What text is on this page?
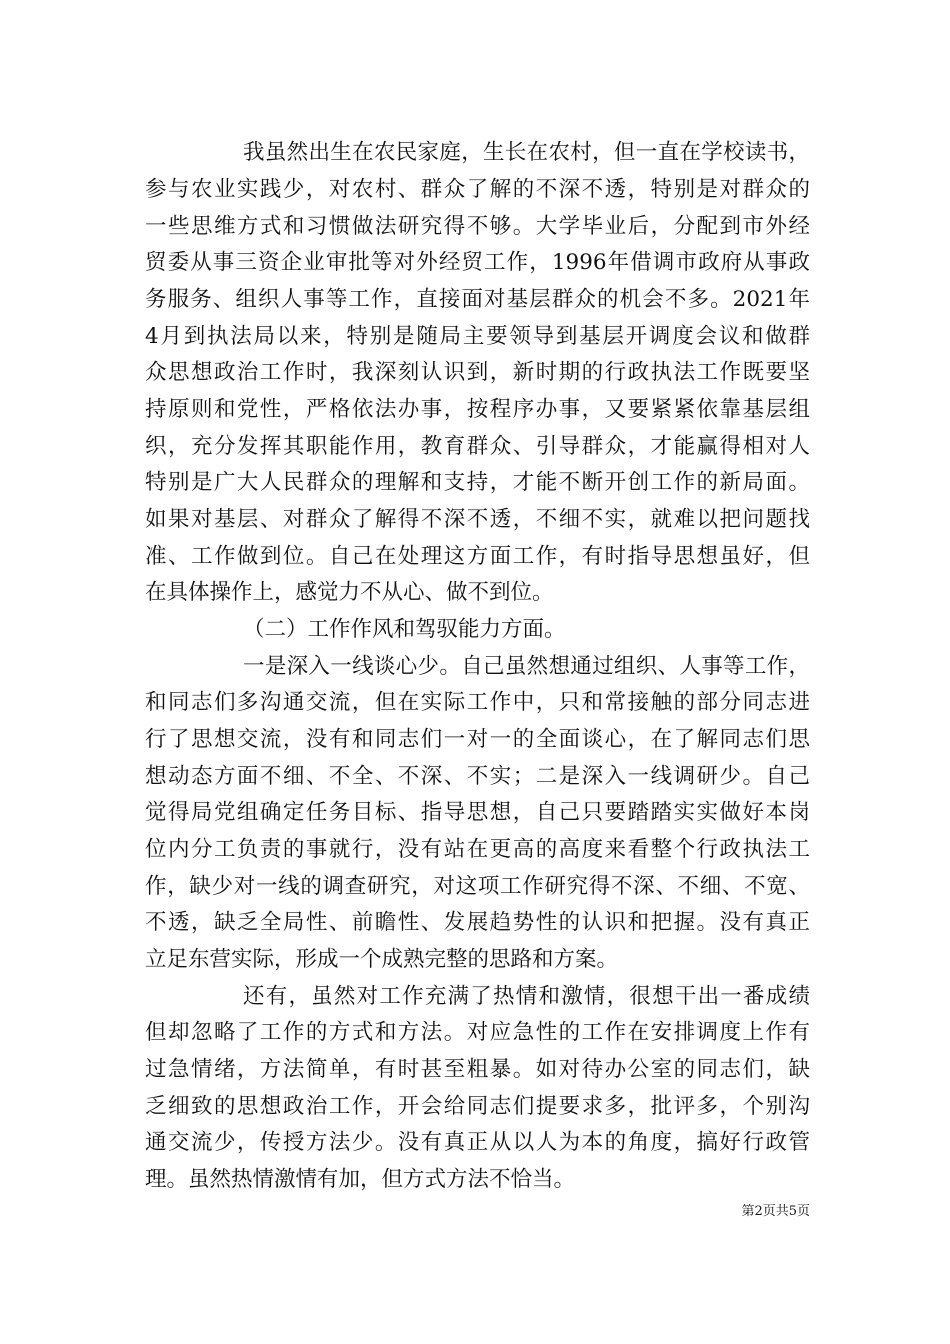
我虽然出生在农民家庭，生长在农村，但一直在学校读书，
参与农业实践少，对农村、群众了解的不深不透，特别是对群众的
一些思维方式和习惯做法研究得不够。大学毕业后，分配到市外经
贸委从事三资企业审批等对外经贸工作，1996年借调市政府从事政
务服务、组织人事等工作，直接面对基层群众的机会不多。2021年
4月到执法局以来，特别是随局主要领导到基层开调度会议和做群
众思想政治工作时，我深刻认识到，新时期的行政执法工作既要坚
持原则和党性，严格依法办事，按程序办事，又要紧紧依靠基层组
织，充分发挥其职能作用，教育群众、引导群众，才能赢得相对人
特别是广大人民群众的理解和支持，才能不断开创工作的新局面。
如果对基层、对群众了解得不深不透，不细不实，就难以把问题找
准、工作做到位。自己在处理这方面工作，有时指导思想虽好，但
在具体操作上，感觉力不从心、做不到位。
（二）工作作风和驾驭能力方面。
一是深入一线谈心少。自己虽然想通过组织、人事等工作，
和同志们多沟通交流，但在实际工作中，只和常接触的部分同志进
行了思想交流，没有和同志们一对一的全面谈心，在了解同志们思
想动态方面不细、不全、不深、不实；二是深入一线调研少。自己
觉得局党组确定任务目标、指导思想，自己只要踏踏实实做好本岗
位内分工负责的事就行，没有站在更高的高度来看整个行政执法工
作，缺少对一线的调查研究，对这项工作研究得不深、不细、不宽、
不透，缺乏全局性、前瞻性、发展趋势性的认识和把握。没有真正
立足东营实际，形成一个成熟完整的思路和方案。
还有，虽然对工作充满了热情和激情，很想干出一番成绩
但却忽略了工作的方式和方法。对应急性的工作在安排调度上作有
过急情绪，方法简单，有时甚至粗暴。如对待办公室的同志们，缺
乏细致的思想政治工作，开会给同志们提要求多，批评多，个别沟
通交流少，传授方法少。没有真正从以人为本的角度，搞好行政管
理。虽然热情激情有加，但方式方法不恰当。
第2页共5页
